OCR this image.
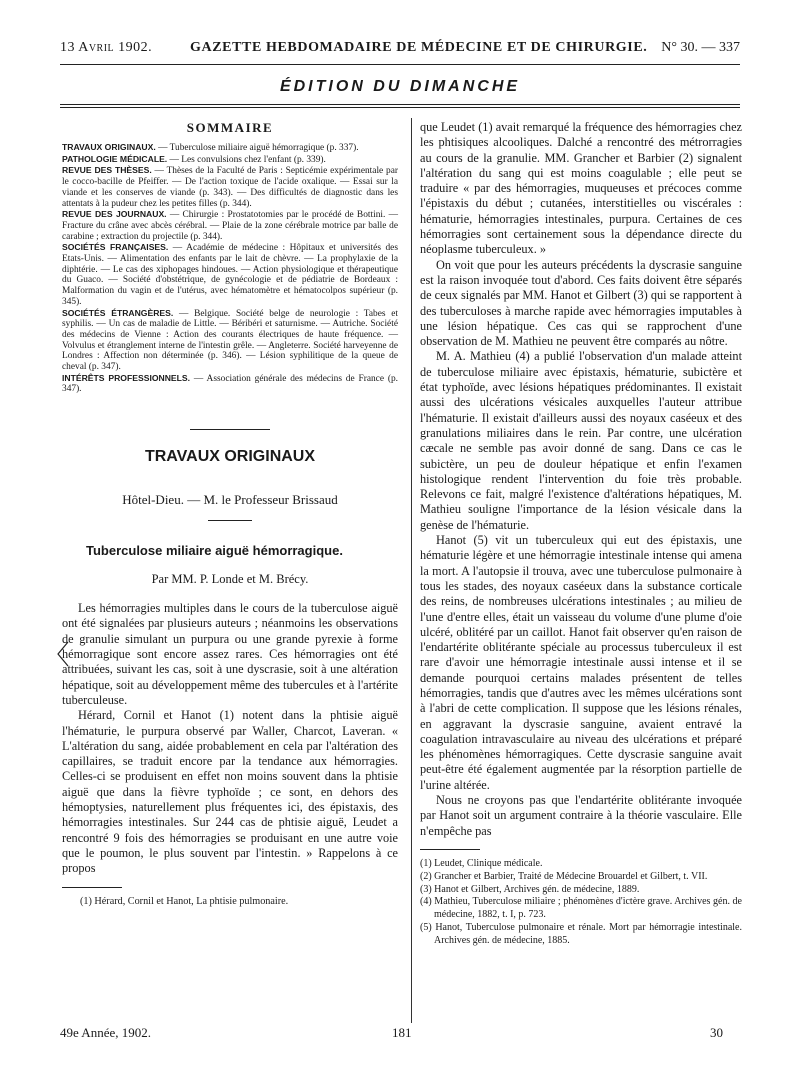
13 Avril 1902.	GAZETTE HEBDOMADAIRE DE MÉDECINE ET DE CHIRURGIE. N° 30. — 337
ÉDITION DU DIMANCHE
SOMMAIRE

TRAVAUX ORIGINAUX. — Tuberculose miliaire aiguë hémorragique (p. 337).

PATHOLOGIE MÉDICALE. — Les convulsions chez l'enfant (p. 339).

REVUE DES THÈSES. — Thèses de la Faculté de Paris : Septicémie expérimentale par le cocco-bacille de Pfeiffer. — De l'action toxique de l'acide oxalique. — Essai sur la viande et les conserves de viande (p. 343). — Des difficultés de diagnostic dans les attentats à la pudeur chez les petites filles (p. 344).

REVUE DES JOURNAUX. — Chirurgie : Prostatotomies par le procédé de Bottini. — Fracture du crâne avec abcès cérébral. — Plaie de la zone cérébrale motrice par balle de carabine ; extraction du projectile (p. 344).

SOCIÉTÉS FRANÇAISES. — Académie de médecine : Hôpitaux et universités des Etats-Unis. — Alimentation des enfants par le lait de chèvre. — La prophylaxie de la diphtérie. — Le cas des xiphopages hindoues. — Action physiologique et thérapeutique du Guaco. — Société d'obstétrique, de gynécologie et de pédiatrie de Bordeaux : Malformation du vagin et de l'utérus, avec hématomètre et hématocolpos supérieur (p. 345).

SOCIÉTÉS ÉTRANGÈRES. — Belgique. Société belge de neurologie : Tabes et syphilis. — Un cas de maladie de Little. — Béribéri et saturnisme. — Autriche. Société des médecins de Vienne : Action des courants électriques de haute fréquence. — Volvulus et étranglement interne de l'intestin grêle. — Angleterre. Société harveyenne de Londres : Affection non déterminée (p. 346). — Lésion syphilitique de la queue de cheval (p. 347).

INTÉRÊTS PROFESSIONNELS. — Association générale des médecins de France (p. 347).

TRAVAUX ORIGINAUX
Hôtel-Dieu. — M. le Professeur Brissaud
Tuberculose miliaire aiguë hémorragique.
Par MM. P. Londe et M. Brécy.

Les hémorragies multiples dans le cours de la tuberculose aiguë ont été signalées par plusieurs auteurs ; néanmoins les observations de granulie simulant un purpura ou une grande pyrexie à forme hémorragique sont encore assez rares. Ces hémorragies ont été attribuées, suivant les cas, soit à une dyscrasie, soit à une altération hépatique, soit au développement même des tubercules et à l'artérite tuberculeuse.

Hérard, Cornil et Hanot (1) notent dans la phtisie aiguë l'hématurie, le purpura observé par Waller, Charcot, Laveran. « L'altération du sang, aidée probablement en cela par l'altération des capillaires, se traduit encore par la tendance aux hémorragies. Celles-ci se produisent en effet non moins souvent dans la phtisie aiguë que dans la fièvre typhoïde ; ce sont, en dehors des hémoptysies, naturellement plus fréquentes ici, des épistaxis, des hémorragies intestinales. Sur 244 cas de phtisie aiguë, Leudet a rencontré 9 fois des hémorragies se produisant en une autre voie que le poumon, le plus souvent par l'intestin. » Rappelons à ce propos

(1) Hérard, Cornil et Hanot, La phtisie pulmonaire.

que Leudet (1) avait remarqué la fréquence des hémorragies chez les phtisiques alcooliques. Dalché a rencontré des métrorragies au cours de la granulie. MM. Grancher et Barbier (2) signalent l'altération du sang qui est moins coagulable ; elle peut se traduire « par des hémorragies, muqueuses et précoces comme l'épistaxis du début ; cutanées, interstitielles ou viscérales : hématurie, hémorragies intestinales, purpura. Certaines de ces hémorragies sont certainement sous la dépendance directe du néoplasme tuberculeux. »

On voit que pour les auteurs précédents la dyscrasie sanguine est la raison invoquée tout d'abord. Ces faits doivent être séparés de ceux signalés par MM. Hanot et Gilbert (3) qui se rapportent à des tuberculoses à marche rapide avec hémorragies imputables à une lésion hépatique. Ces cas qui se rapprochent d'une observation de M. Mathieu ne peuvent être comparés au nôtre.

M. A. Mathieu (4) a publié l'observation d'un malade atteint de tuberculose miliaire avec épistaxis, hématurie, subictère et état typhoïde, avec lésions hépatiques prédominantes. Il existait aussi des ulcérations vésicales auxquelles l'auteur attribue l'hématurie. Il existait d'ailleurs aussi des noyaux caséeux et des granulations miliaires dans le rein. Par contre, une ulcération cæcale ne semble pas avoir donné de sang. Dans ce cas le subictère, un peu de douleur hépatique et enfin l'examen histologique rendent l'intervention du foie très probable. Relevons ce fait, malgré l'existence d'altérations hépatiques, M. Mathieu souligne l'importance de la lésion vésicale dans la genèse de l'hématurie.

Hanot (5) vit un tuberculeux qui eut des épistaxis, une hématurie légère et une hémorragie intestinale intense qui amena la mort. A l'autopsie il trouva, avec une tuberculose pulmonaire à tous les stades, des noyaux caséeux dans la substance corticale des reins, de nombreuses ulcérations intestinales ; au milieu de l'une d'entre elles, était un vaisseau du volume d'une plume d'oie ulcéré, oblitéré par un caillot. Hanot fait observer qu'en raison de l'endartérite oblitérante spéciale au processus tuberculeux il est rare d'avoir une hémorragie intestinale aussi intense et il se demande pourquoi certains malades présentent de telles hémorragies, tandis que d'autres avec les mêmes ulcérations sont à l'abri de cette complication. Il suppose que les lésions rénales, en aggravant la dyscrasie sanguine, avaient entravé la coagulation intravasculaire au niveau des ulcérations et préparé les phénomènes hémorragiques. Cette dyscrasie sanguine avait peut-être été également augmentée par la résorption partielle de l'urine altérée.

Nous ne croyons pas que l'endartérite oblitérante invoquée par Hanot soit un argument contraire à la théorie vasculaire. Elle n'empêche pas

(1) Leudet, Clinique médicale.

(2) Grancher et Barbier, Traité de Médecine Brouardel et Gilbert, t. VII.

(3) Hanot et Gilbert, Archives gén. de médecine, 1889.

(4) Mathieu, Tuberculose miliaire ; phénomènes d'ictère grave. Archives gén. de médecine, 1882, t. I, p. 723.

(5) Hanot, Tuberculose pulmonaire et rénale. Mort par hémorragie intestinale. Archives gén. de médecine, 1885.

49e Année, 1902.	181	30
